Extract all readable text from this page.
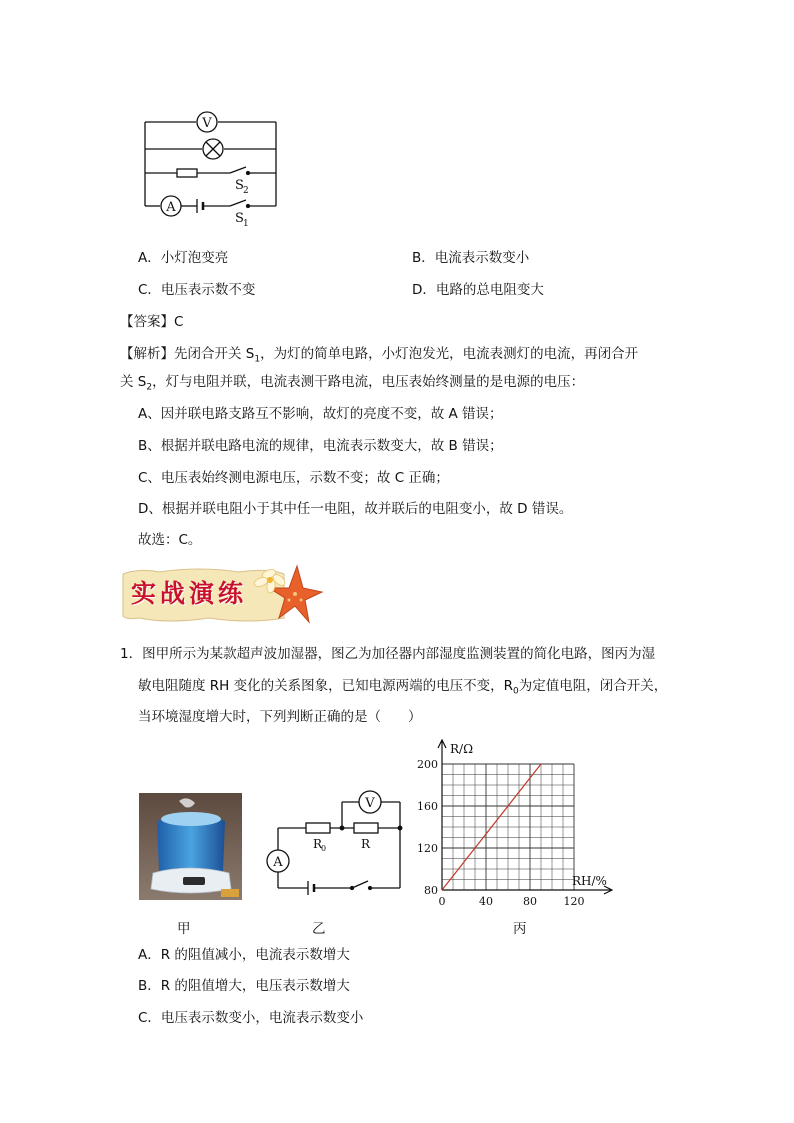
V
A
S 2
S 1
A．小灯泡变亮	B．电流表示数变小
C．电压表示数不变	D．电路的总电阻变大
【答案】C
【解析】先闭合开关 $S_1$，为灯的简单电路，小灯泡发光，电流表测灯的电流，再闭合开
关 $S_2$，灯与电阻并联，电流表测干路电流，电压表始终测量的是电源的电压：
A、因并联电路支路互不影响，故灯的亮度不变，故 A 错误；
B、根据并联电路电流的规律，电流表示数变大，故 B 错误；
C、电压表始终测电源电压，示数不变；故 C 正确；
D、根据并联电阻小于其中任一电阻，故并联后的电阻变小，故 D 错误。
故选：C。
实战演练
1．图甲所示为某款超声波加湿器，图乙为加径器内部湿度监测装置的简化电路，图丙为湿
敏电阻随度 RH 变化的关系图象，已知电源两端的电压不变，$R_0$为定值电阻，闭合开关，
当环境湿度增大时，下列判断正确的是（　　）
V
A
R
0	R
0	40	80 120
80
120
160
200
R/Ω
RH/%
甲	乙	丙
A．R 的阻值减小，电流表示数增大
B．R 的阻值增大，电压表示数增大
C．电压表示数变小，电流表示数变小
